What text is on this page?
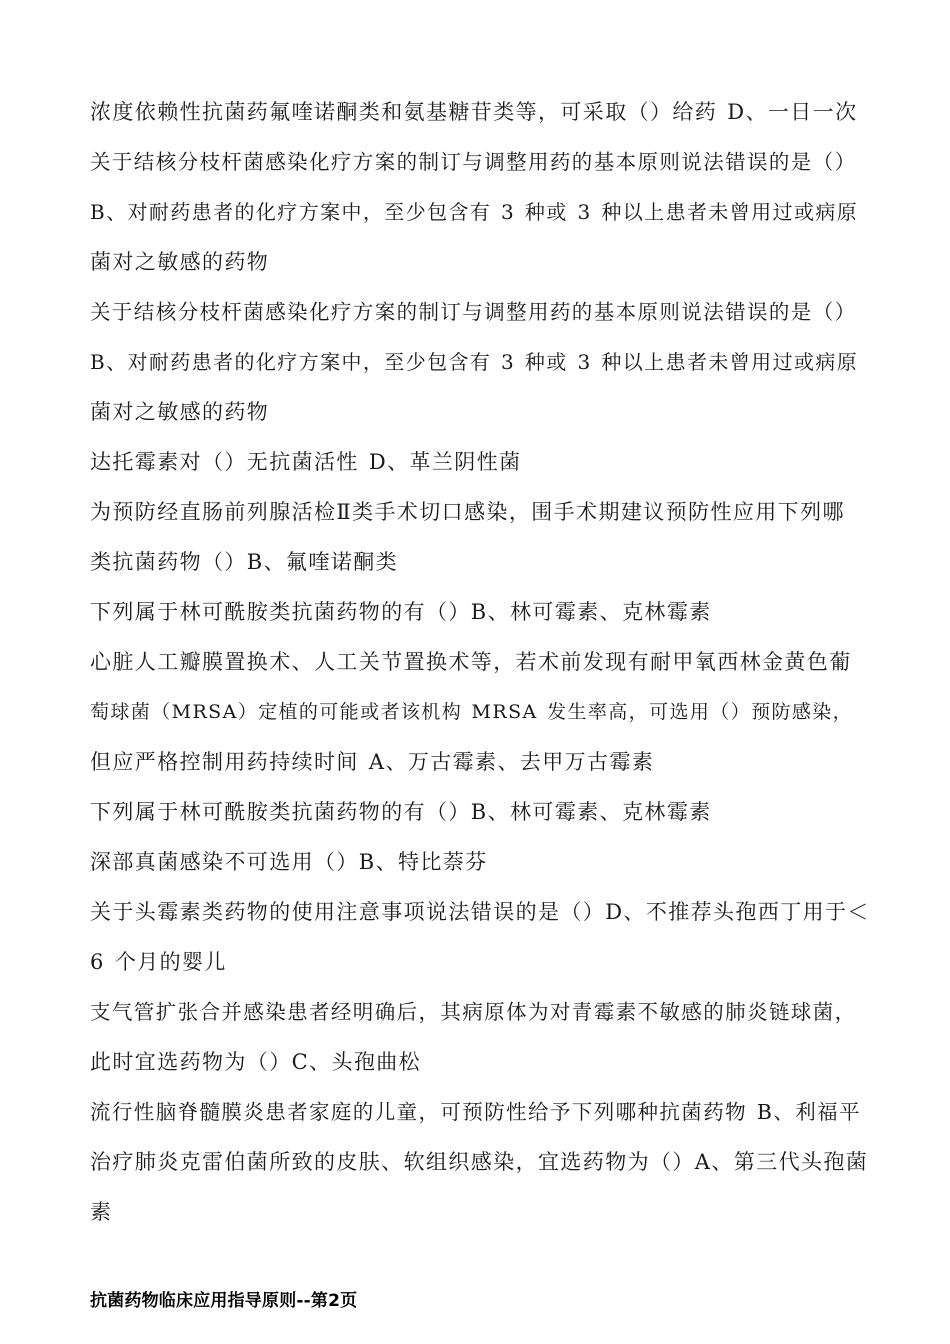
浓度依赖性抗菌药氟喹诺酮类和氨基糖苷类等，可采取（）给药 D、一日一次
关于结核分枝杆菌感染化疗方案的制订与调整用药的基本原则说法错误的是（）
B、对耐药患者的化疗方案中，至少包含有 3 种或 3 种以上患者未曾用过或病原
菌对之敏感的药物
关于结核分枝杆菌感染化疗方案的制订与调整用药的基本原则说法错误的是（）
B、对耐药患者的化疗方案中，至少包含有 3 种或 3 种以上患者未曾用过或病原
菌对之敏感的药物
达托霉素对（）无抗菌活性 D、革兰阴性菌
为预防经直肠前列腺活检Ⅱ类手术切口感染，围手术期建议预防性应用下列哪
类抗菌药物（）B、氟喹诺酮类
下列属于林可酰胺类抗菌药物的有（）B、林可霉素、克林霉素
心脏人工瓣膜置换术、人工关节置换术等，若术前发现有耐甲氧西林金黄色葡
萄球菌（MRSA）定植的可能或者该机构 MRSA 发生率高，可选用（）预防感染，
但应严格控制用药持续时间 A、万古霉素、去甲万古霉素
下列属于林可酰胺类抗菌药物的有（）B、林可霉素、克林霉素
深部真菌感染不可选用（）B、特比萘芬
关于头霉素类药物的使用注意事项说法错误的是（）D、不推荐头孢西丁用于＜
6 个月的婴儿
支气管扩张合并感染患者经明确后，其病原体为对青霉素不敏感的肺炎链球菌，
此时宜选药物为（）C、头孢曲松
流行性脑脊髓膜炎患者家庭的儿童，可预防性给予下列哪种抗菌药物 B、利福平
治疗肺炎克雷伯菌所致的皮肤、软组织感染，宜选药物为（）A、第三代头孢菌
素
抗菌药物临床应用指导原则--第2页
